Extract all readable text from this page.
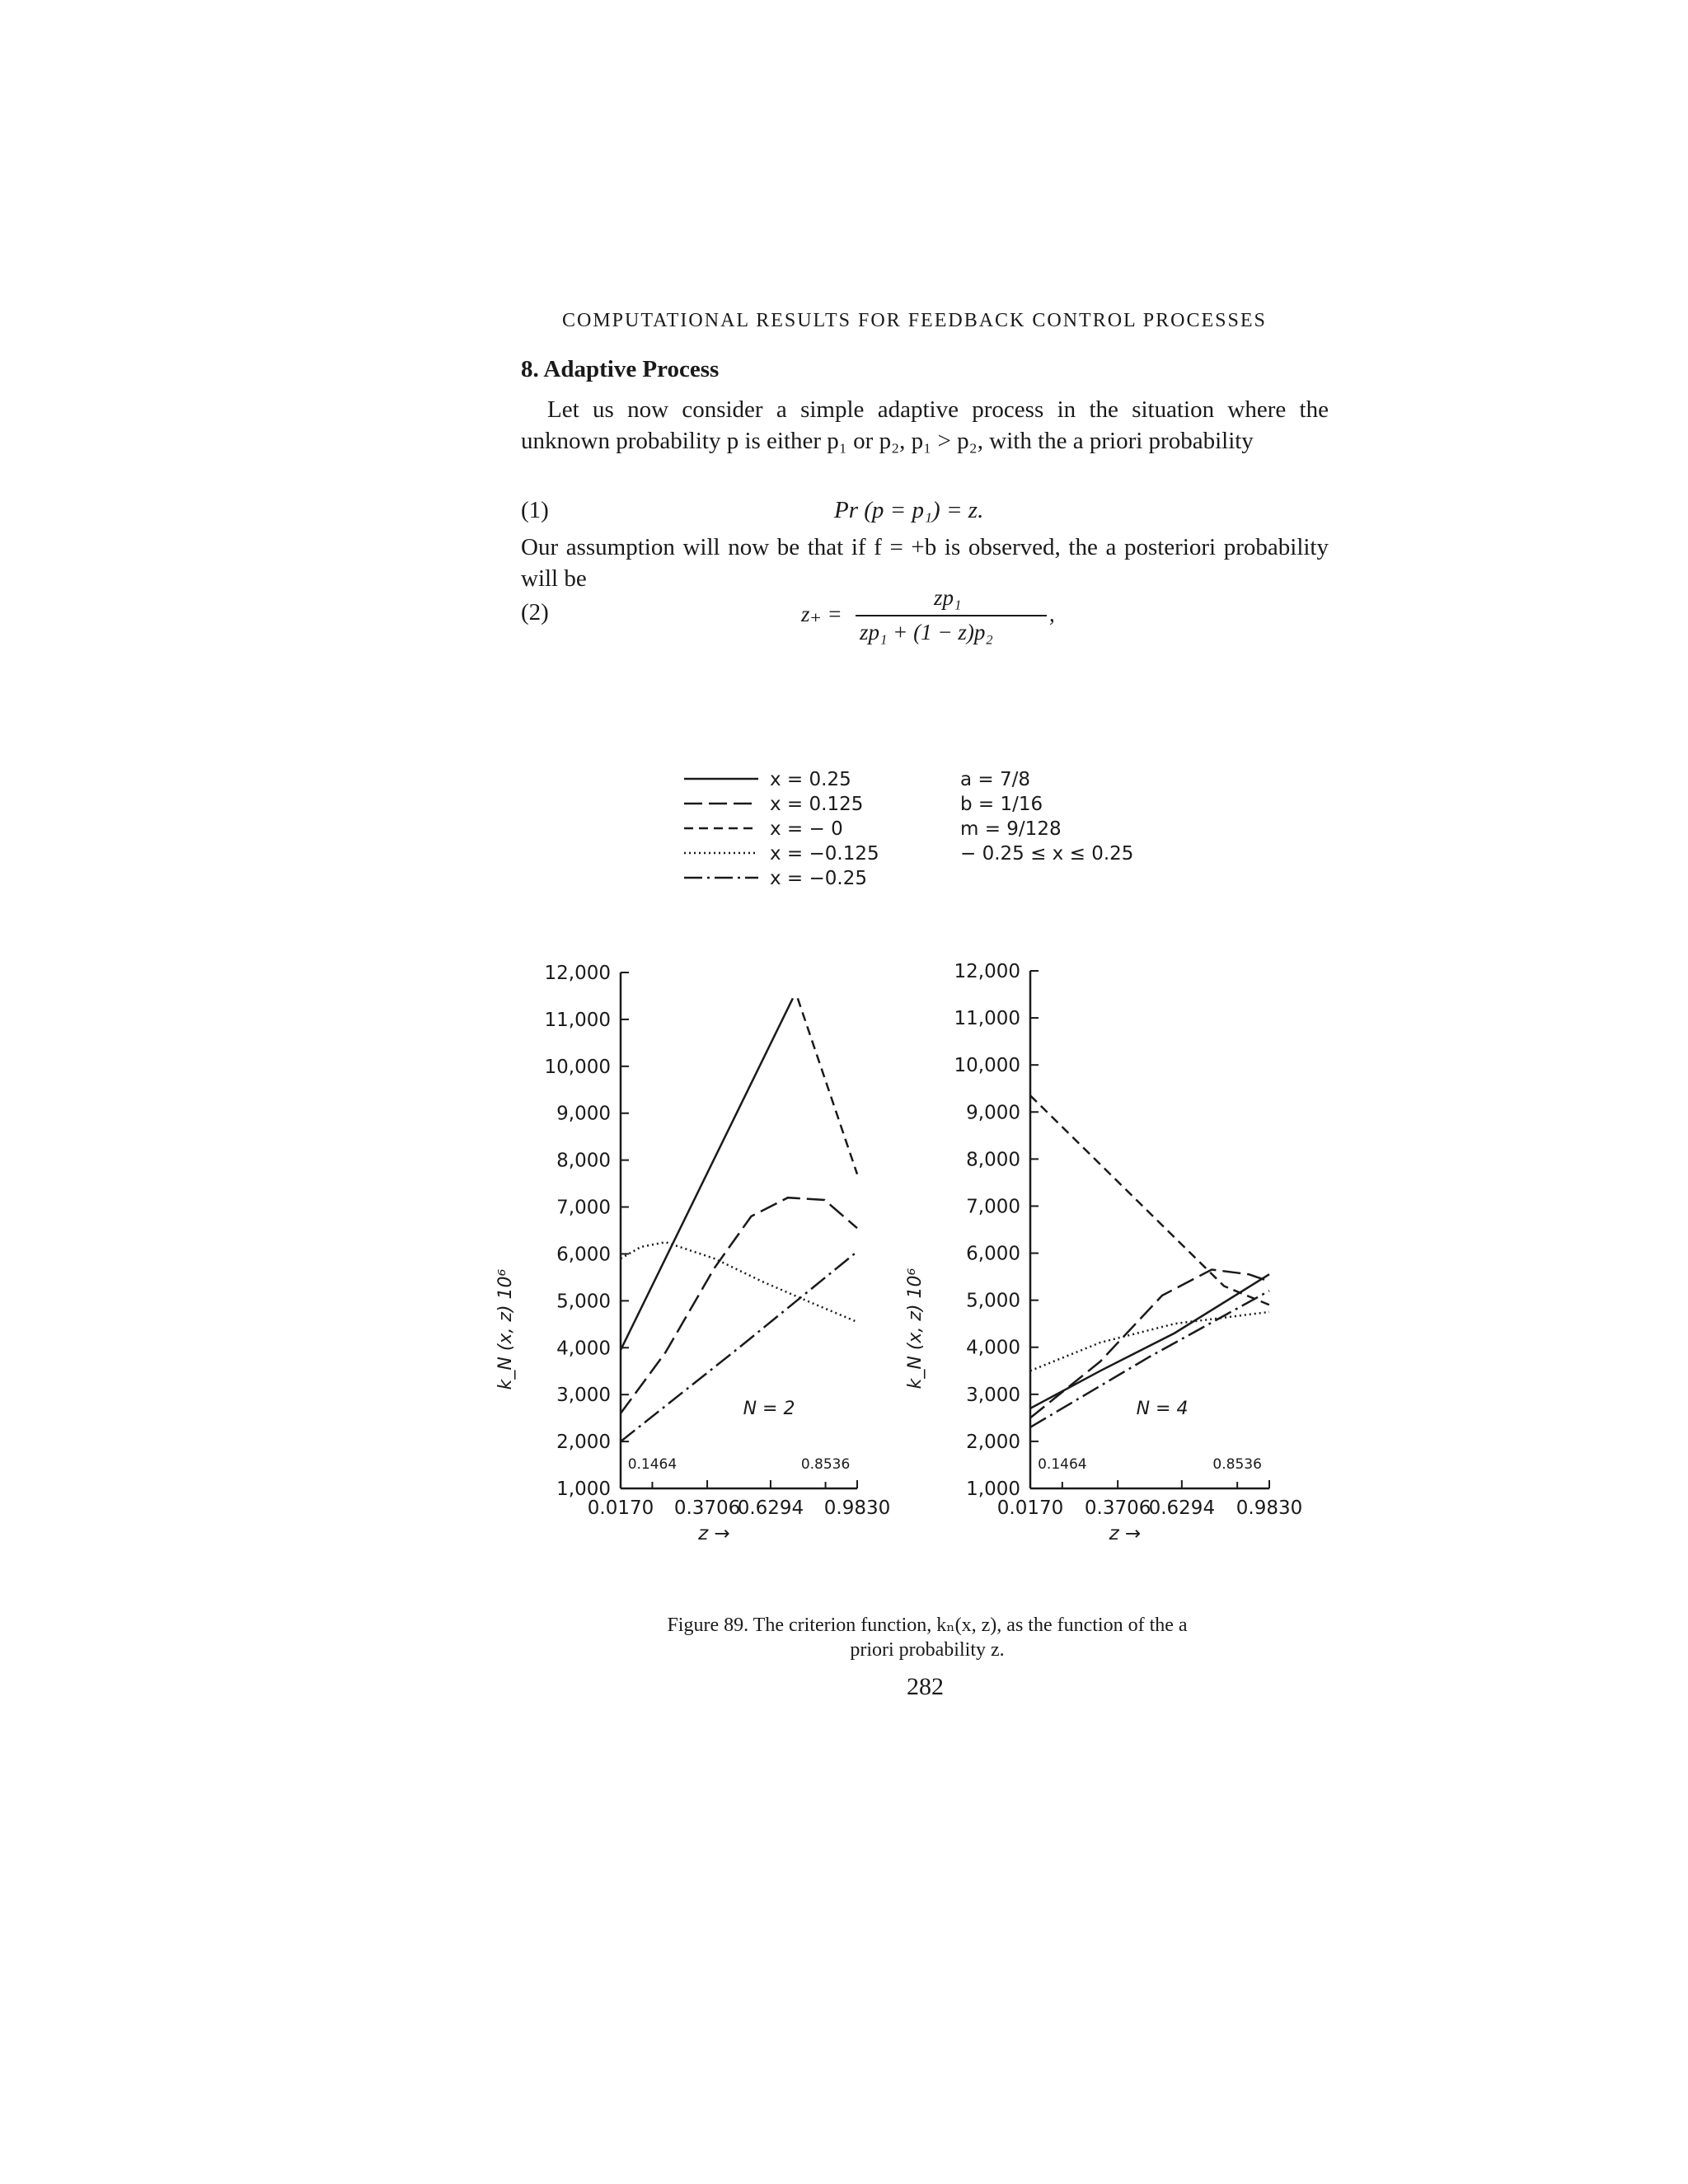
COMPUTATIONAL RESULTS FOR FEEDBACK CONTROL PROCESSES
8. Adaptive Process
Let us now consider a simple adaptive process in the situation where the unknown probability p is either p₁ or p₂, p₁ > p₂, with the a priori probability
(1)	Pr (p = p₁) = z.
Our assumption will now be that if f = +b is observed, the a posteriori probability will be
(2)	z₊ =
zp₁
zp₁ + (1 − z)p₂
,
x = 0.25
x = 0.125
x = − 0
x = −0.125
x = −0.25
a = 7/8
b = 1/16
m = 9/128
− 0.25 ≤ x ≤ 0.25
1,000
2,000
3,000
4,000
5,000
6,000
7,000
8,000
9,000
10,000
11,000
12,000
0.0170 0.3706
0.6294 0.9830
0.1464	0.8536
k_N (x, z) 10⁶
z →
N = 2
1,000
2,000
3,000
4,000
5,000
6,000
7,000
8,000
9,000
10,000
11,000
12,000
0.0170 0.3706
0.6294 0.9830
0.1464	0.8536
k_N (x, z) 10⁶
z →
N = 4
Figure 89. The criterion function, kₙ(x, z), as the function of the a
priori probability z.
282
